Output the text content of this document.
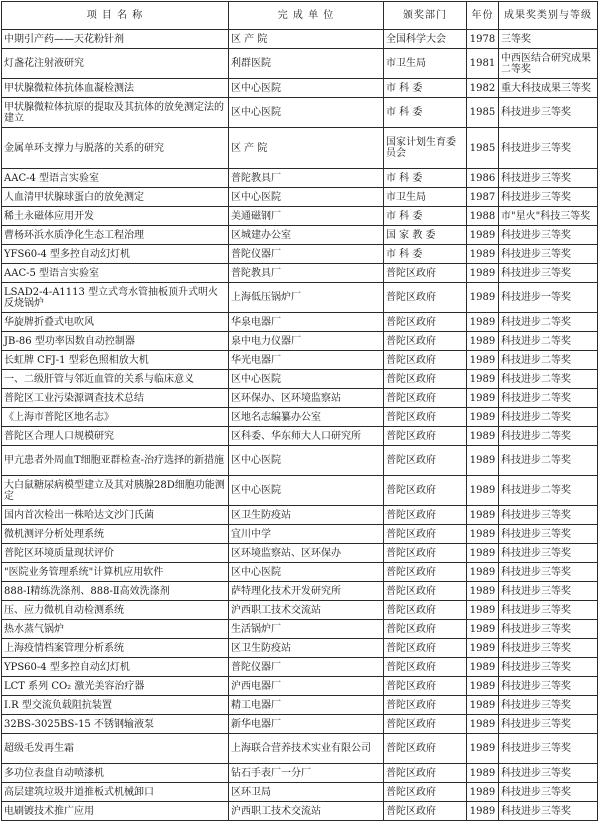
项 目 名 称	完 成 单 位	颁奖部门	年份	成果奖类别与等级
中期引产药——天花粉针剂	区 产 院	全国科学大会	1978	三等奖
灯盏花注射液研究	利群医院	市卫生局	1981	中西医结合研究成果二等奖
甲状腺微粒体抗体血凝检测法	区中心医院	市 科 委	1982	重大科技成果三等奖
甲状腺微粒体抗原的提取及其抗体的放免测定法的建立	区中心医院	市 科 委	1985	科技进步三等奖
金属单环支撑力与脱落的关系的研究	区 产 院	国家计划生育委员会	1985	科技进步三等奖
AAC-4 型语言实验室	普陀教具厂	市 科 委	1986	科技进步三等奖
人血清甲状腺球蛋白的放免测定	区中心医院	市卫生局	1987	科技进步三等奖
稀土永磁体应用开发	美通磁钢厂	市 科 委	1988	市"星火"科技三等奖
曹杨环浜水质净化生态工程治理	区城建办公室	国 家 教 委	1989	科技进步三等奖
YFS60-4 型多控自动幻灯机	普陀仪器厂	市 科 委	1989	科技进步三等奖
AAC-5 型语言实验室	普陀教具厂	普陀区政府	1989	科技进步三等奖
LSAD2-4-A1113 型立式弯水管抽板顶升式明火反烧锅炉	上海低压锅炉厂	普陀区政府	1989	科技进步一等奖
华旋牌折叠式电吹风	华泉电器厂	普陀区政府	1989	科技进步二等奖
JB-86 型功率因数自动控制器	泉中电力仪器厂	普陀区政府	1989	科技进步二等奖
长虹牌 CFJ-1 型彩色照相放大机	华光电器厂	普陀区政府	1989	科技进步二等奖
一、二级肝管与邻近血管的关系与临床意义	区中心医院	普陀区政府	1989	科技进步二等奖
普陀区工业污染源调查技术总结	区环保办、区环境监察站	普陀区政府	1989	科技进步二等奖
《上海市普陀区地名志》	区地名志编纂办公室	普陀区政府	1989	科技进步二等奖
普陀区合理人口规模研究	区科委、华东师大人口研究所	普陀区政府	1989	科技进步二等奖
甲亢患者外周血T细胞亚群检查-治疗选择的新措施	区中心医院	普陀区政府	1989	科技进步二等奖
大白鼠糖尿病模型建立及其对胰腺28D细胞功能测定	区中心医院	普陀区政府	1989	科技进步二等奖
国内首次检出一株哈达文沙门氏菌	区卫生防疫站	普陀区政府	1989	科技进步三等奖
微机测评分析处理系统	宜川中学	普陀区政府	1989	科技进步三等奖
普陀区环境质量现状评价	区环境监察站、区环保办	普陀区政府	1989	科技进步三等奖
"医院业务管理系统"计算机应用软件	区中心医院	普陀区政府	1989	科技进步三等奖
888-Ⅰ精练洗涤剂、888-Ⅱ高效洗涤剂	萨特理化技术开发研究所	普陀区政府	1989	科技进步三等奖
压、应力微机自动检测系统	沪西职工技术交流站	普陀区政府	1989	科技进步三等奖
热水蒸气锅炉	生活锅炉厂	普陀区政府	1989	科技进步三等奖
上海疫情档案管理分析系统	区卫生防疫站	普陀区政府	1989	科技进步三等奖
YPS60-4 型多控自动幻灯机	普陀仪器厂	普陀区政府	1989	科技进步三等奖
LCT 系列 CO₂ 激光美容治疗器	沪西电器厂	普陀区政府	1989	科技进步三等奖
I.R 型交流负载阻抗装置	精工电器厂	普陀区政府	1989	科技进步三等奖
32BS-3025BS-15 不锈钢输液泵	新华电器厂	普陀区政府	1989	科技进步三等奖
超级毛发再生霜	上海联合营养技术实业有限公司	普陀区政府	1989	科技进步三等奖
多功位表盘自动喷漆机	钻石手表厂一分厂	普陀区政府	1989	科技进步三等奖
高层建筑垃圾井道推板式机械卸口	区环卫局	普陀区政府	1989	科技进步三等奖
电刷镀技术推广应用	沪西职工技术交流站	普陀区政府	1989	科技进步三等奖
